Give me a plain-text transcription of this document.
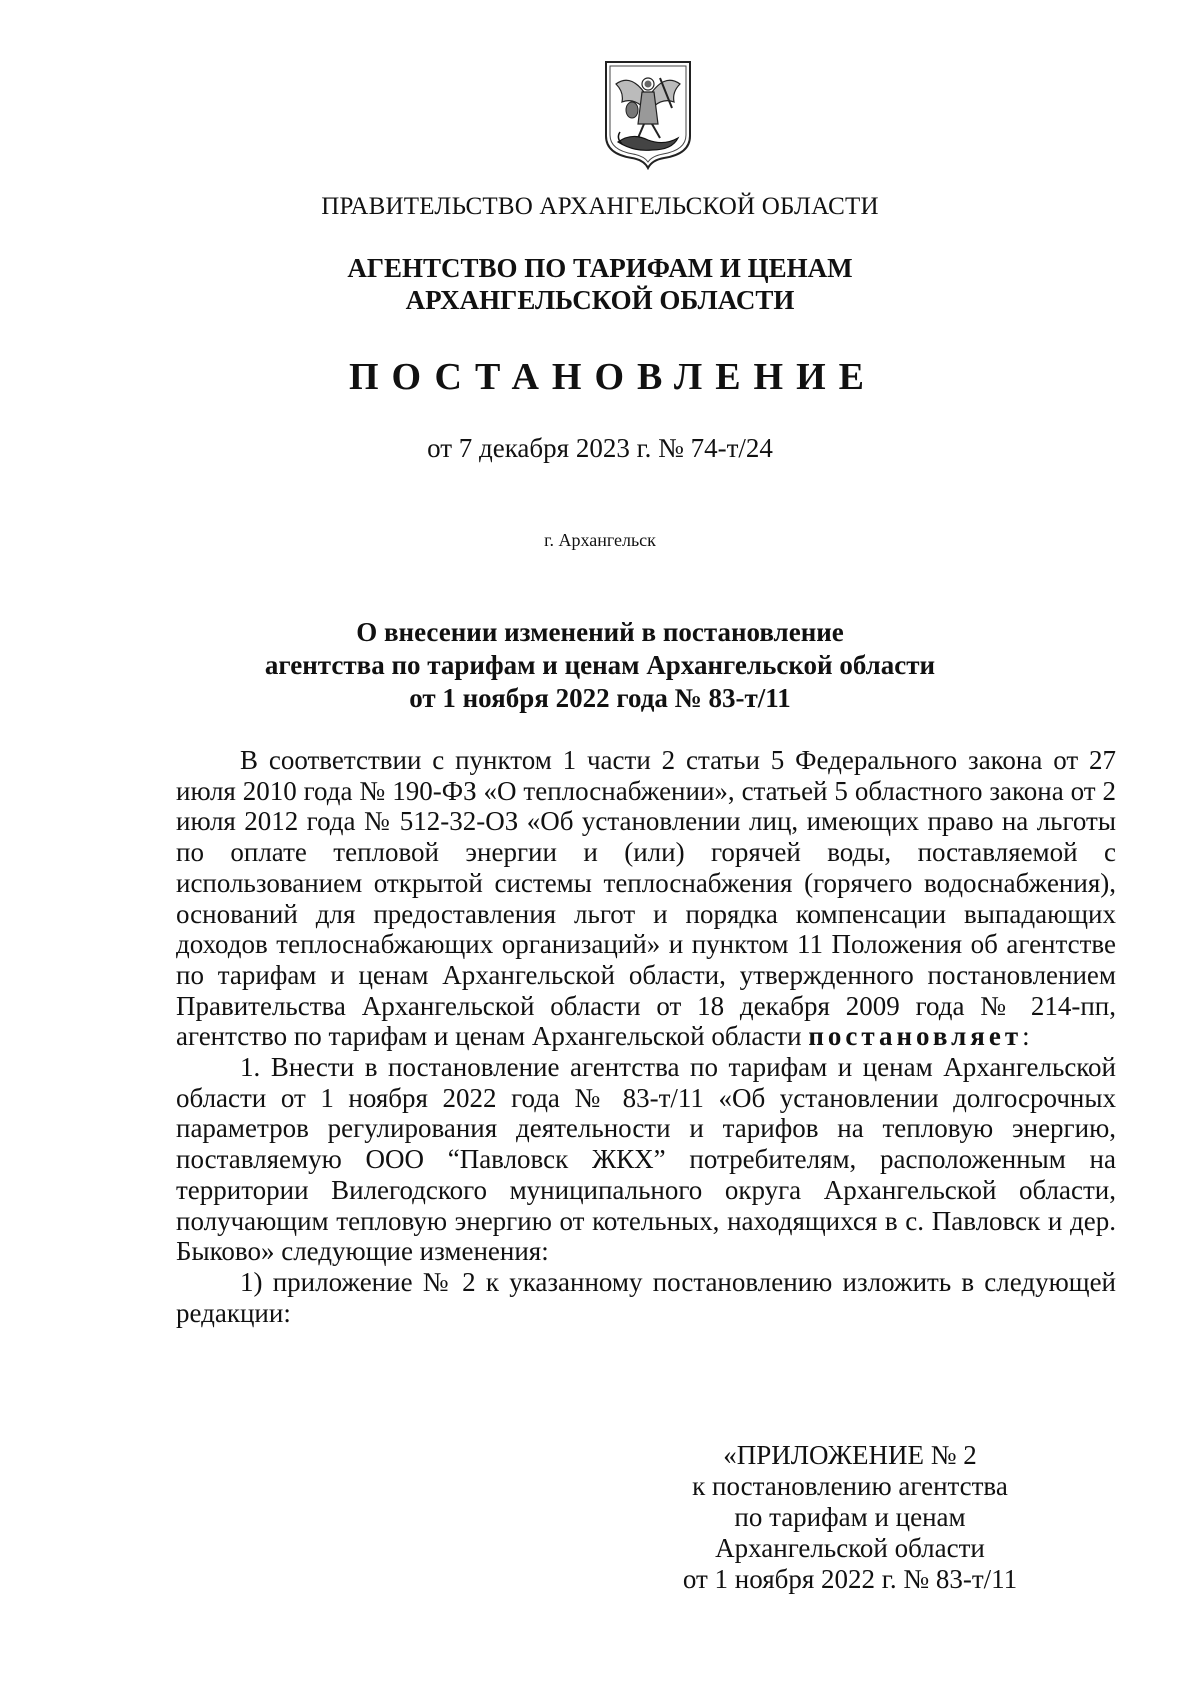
ПРАВИТЕЛЬСТВО АРХАНГЕЛЬСКОЙ ОБЛАСТИ
АГЕНТСТВО ПО ТАРИФАМ И ЦЕНАМ
АРХАНГЕЛЬСКОЙ ОБЛАСТИ
ПОСТАНОВЛЕНИЕ
от 7 декабря 2023 г. № 74-т/24
г. Архангельск
О внесении изменений в постановление
агентства по тарифам и ценам Архангельской области
от 1 ноября 2022 года № 83-т/11

В соответствии с пунктом 1 части 2 статьи 5 Федерального закона от 27 июля 2010 года № 190-ФЗ «О теплоснабжении», статьей 5 областного закона от 2 июля 2012 года № 512-32-ОЗ «Об установлении лиц, имеющих право на льготы по оплате тепловой энергии и (или) горячей воды, поставляемой с использованием открытой системы теплоснабжения (горячего водоснабжения), оснований для предоставления льгот и порядка компенсации выпадающих доходов теплоснабжающих организаций» и пунктом 11 Положения об агентстве по тарифам и ценам Архангельской области, утвержденного постановлением Правительства Архангельской области от 18 декабря 2009 года № 214-пп, агентство по тарифам и ценам Архангельской области постановляет:

1. Внести в постановление агентства по тарифам и ценам Архангельской области от 1 ноября 2022 года № 83-т/11 «Об установлении долгосрочных параметров регулирования деятельности и тарифов на тепловую энергию, поставляемую ООО “Павловск ЖКХ” потребителям, расположенным на территории Вилегодского муниципального округа Архангельской области, получающим тепловую энергию от котельных, находящихся в с. Павловск и дер. Быково» следующие изменения:

1) приложение № 2 к указанному постановлению изложить в следующей редакции:

«ПРИЛОЖЕНИЕ № 2
к постановлению агентства
по тарифам и ценам
Архангельской области
от 1 ноября 2022 г. № 83-т/11
